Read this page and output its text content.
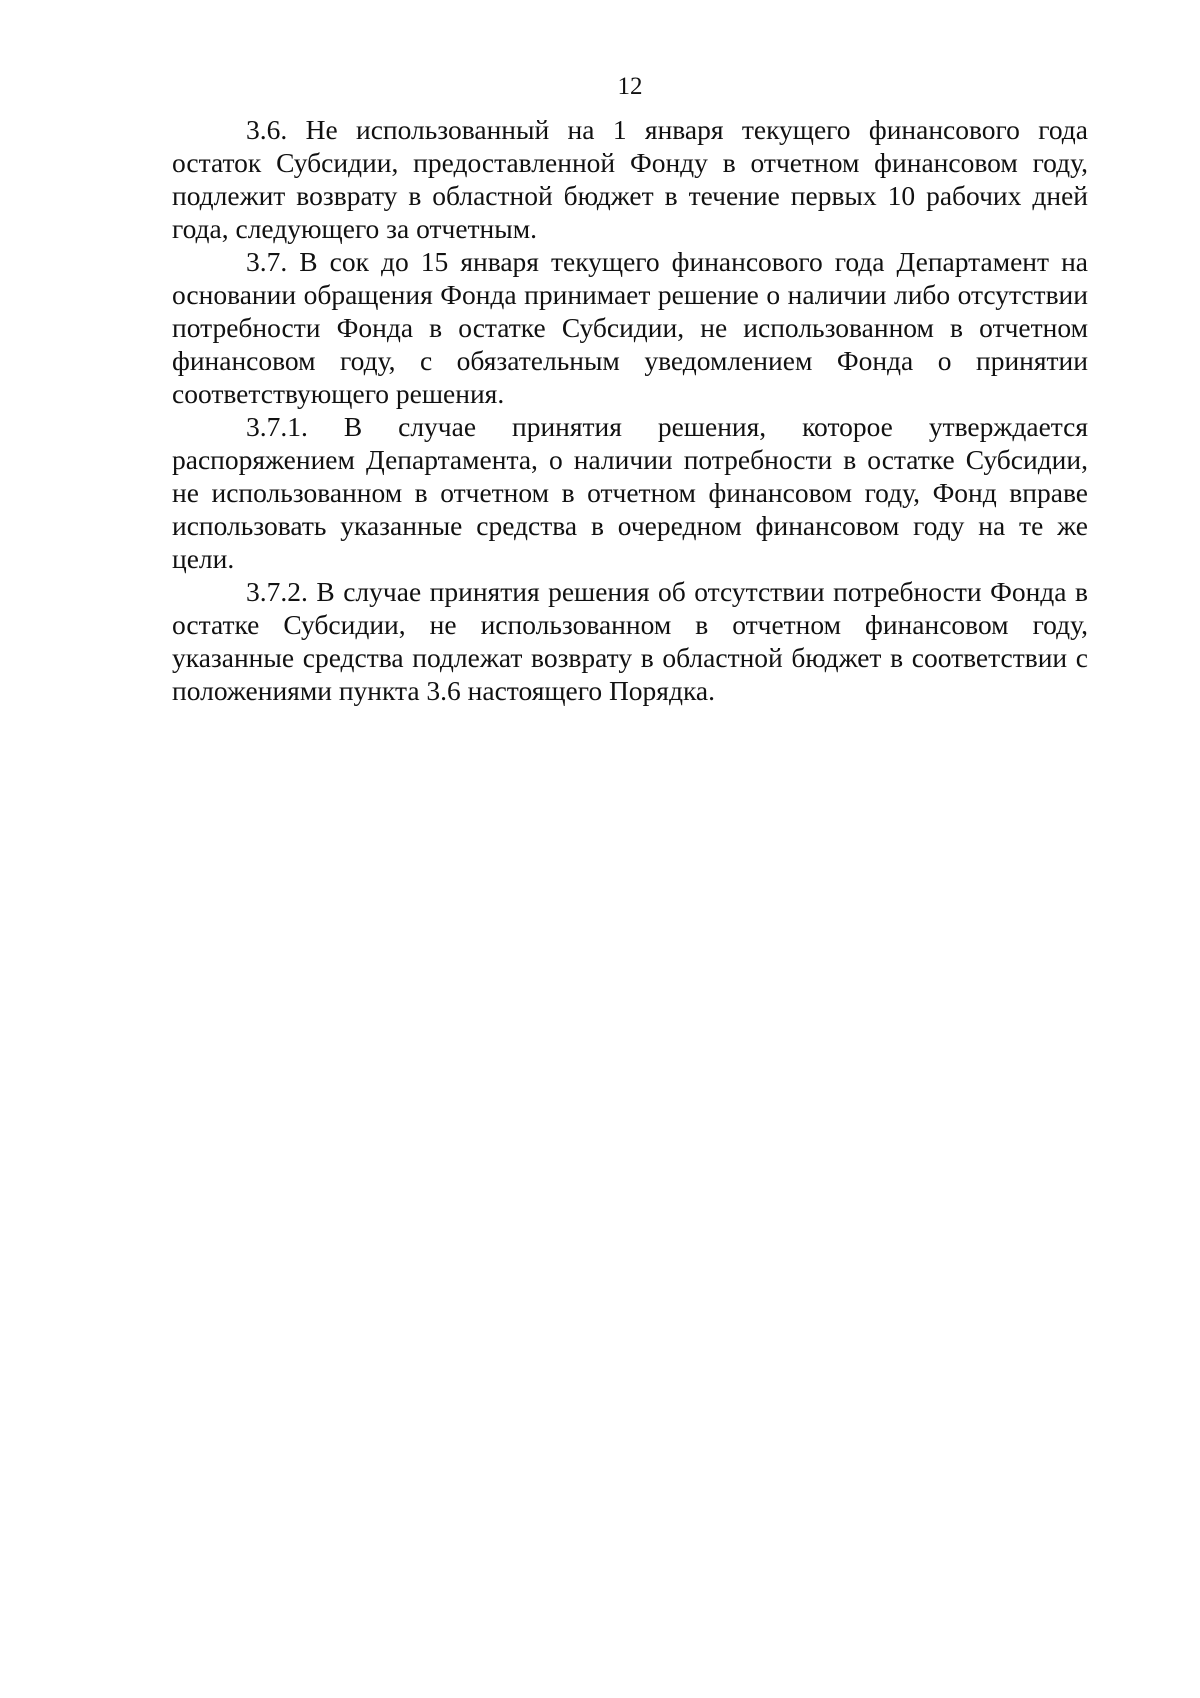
12

3.6. Не использованный на 1 января текущего финансового года остаток Субсидии, предоставленной Фонду в отчетном финансовом году, подлежит возврату в областной бюджет в течение первых 10 рабочих дней года, следующего за отчетным.

3.7. В сок до 15 января текущего финансового года Департамент на основании обращения Фонда принимает решение о наличии либо отсутствии потребности Фонда в остатке Субсидии, не использованном в отчетном финансовом году, с обязательным уведомлением Фонда о принятии соответствующего решения.

3.7.1. В случае принятия решения, которое утверждается распоряжением Департамента, о наличии потребности в остатке Субсидии, не использованном в отчетном в отчетном финансовом году, Фонд вправе использовать указанные средства в очередном финансовом году на те же цели.

3.7.2. В случае принятия решения об отсутствии потребности Фонда в остатке Субсидии, не использованном в отчетном финансовом году, указанные средства подлежат возврату в областной бюджет в соответствии с положениями пункта 3.6 настоящего Порядка.
